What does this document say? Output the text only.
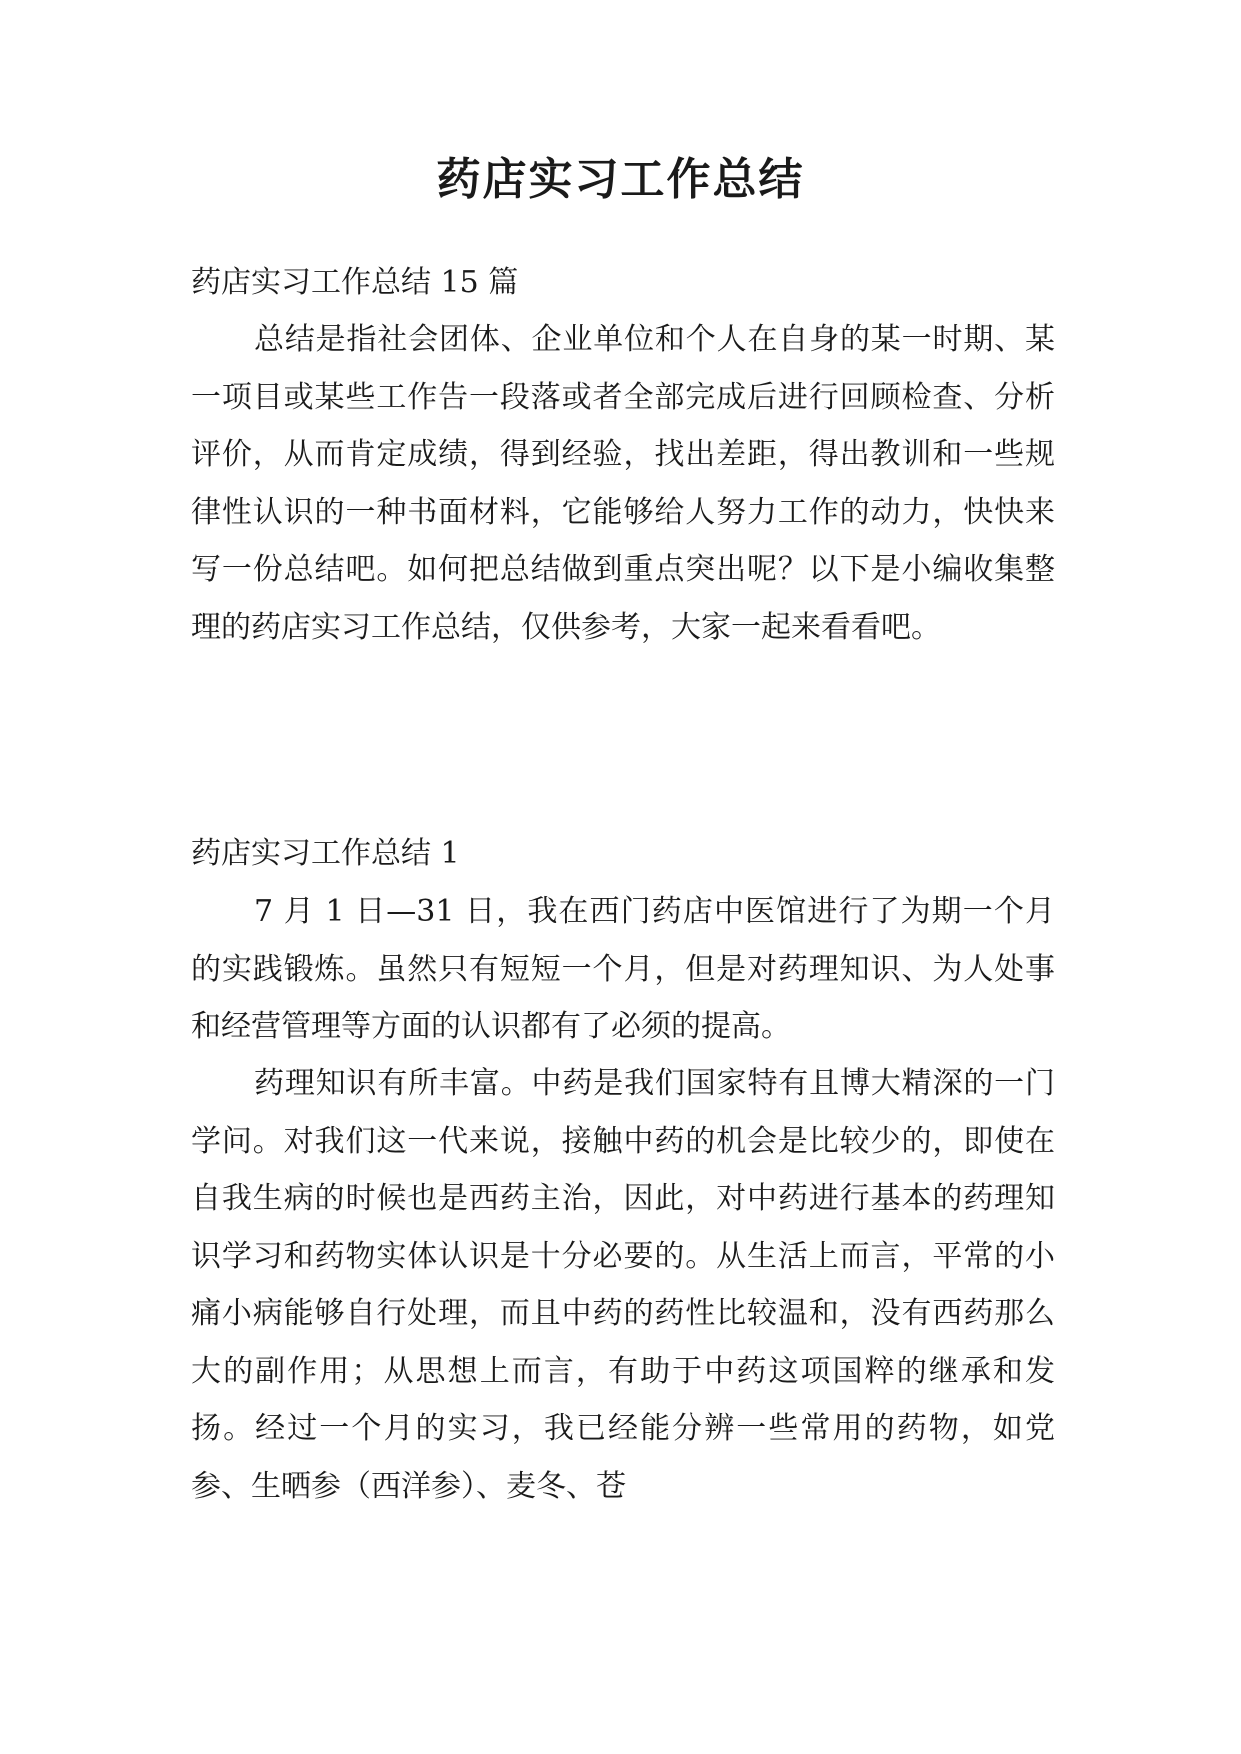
药店实习工作总结

药店实习工作总结 15 篇

总结是指社会团体、企业单位和个人在自身的某一时期、某一项目或某些工作告一段落或者全部完成后进行回顾检查、分析评价，从而肯定成绩，得到经验，找出差距，得出教训和一些规律性认识的一种书面材料，它能够给人努力工作的动力，快快来写一份总结吧。如何把总结做到重点突出呢？以下是小编收集整理的药店实习工作总结，仅供参考，大家一起来看看吧。

药店实习工作总结 1

7 月 1 日—31 日，我在西门药店中医馆进行了为期一个月的实践锻炼。虽然只有短短一个月，但是对药理知识、为人处事和经营管理等方面的认识都有了必须的提高。

药理知识有所丰富。中药是我们国家特有且博大精深的一门学问。对我们这一代来说，接触中药的机会是比较少的，即使在自我生病的时候也是西药主治，因此，对中药进行基本的药理知识学习和药物实体认识是十分必要的。从生活上而言，平常的小痛小病能够自行处理，而且中药的药性比较温和，没有西药那么大的副作用；从思想上而言，有助于中药这项国粹的继承和发扬。经过一个月的实习，我已经能分辨一些常用的药物，如党参、生晒参（西洋参）、麦冬、苍
